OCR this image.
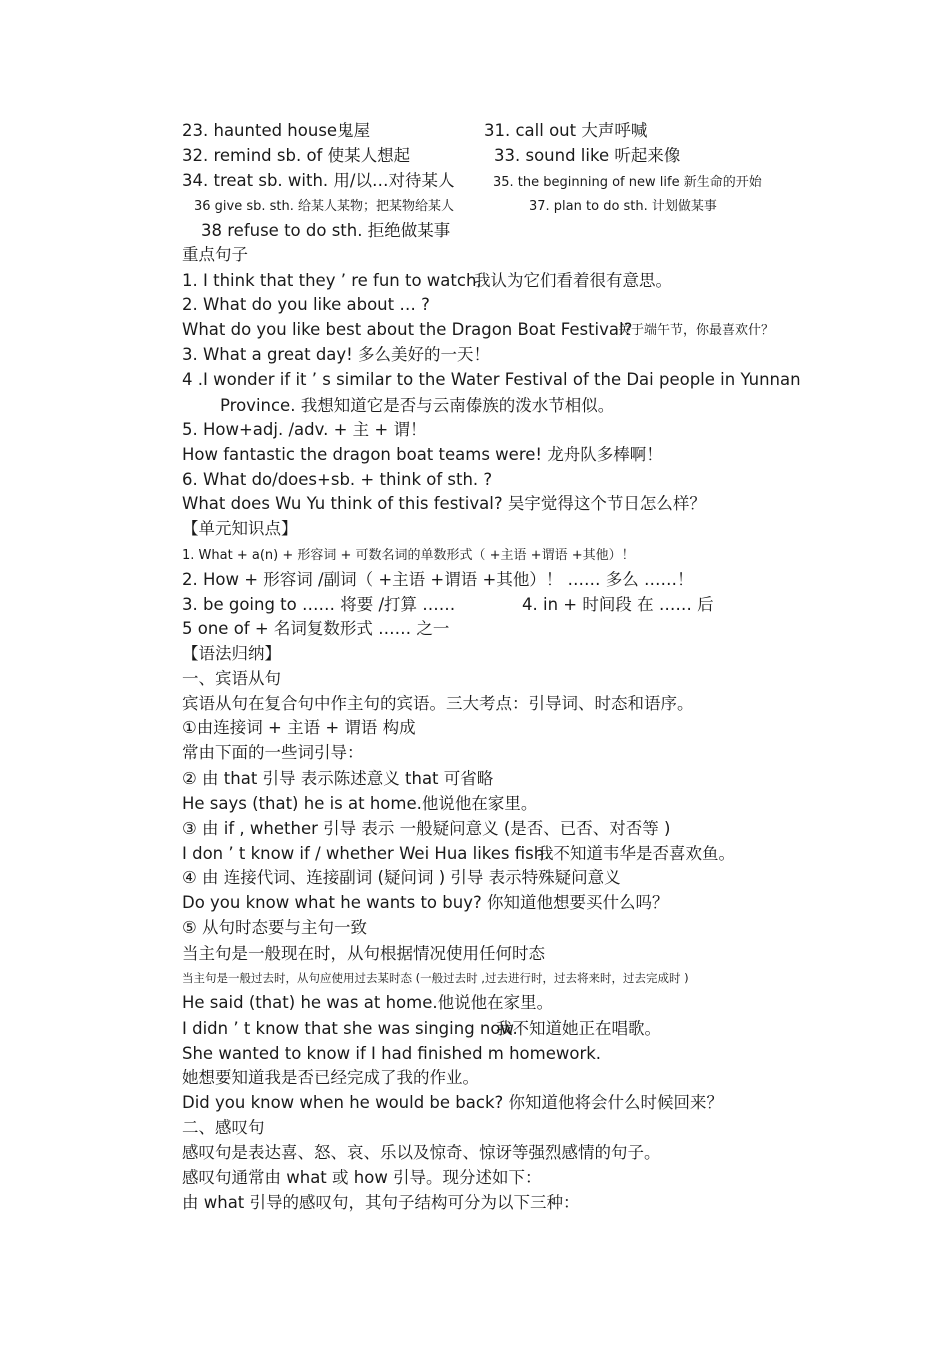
23. haunted house鬼屋	31. call out 大声呼喊
32. remind sb. of 使某人想起	33. sound like 听起来像
34. treat sb. with. 用/以…对待某人	35. the beginning of new life 新生命的开始
36 give sb. sth. 给某人某物；把某物给某人	37. plan to do sth. 计划做某事
38 refuse to do sth. 拒绝做某事
重点句子
1. I think that they ’ re fun to watch.
我认为它们看着很有意思。
2. What do you like about … ?
What do you like best about the Dragon Boat Festival?
关于端午节，你最喜欢什？
3. What a great day! 多么美好的一天！
4 .I wonder if it ’ s similar to the Water Festival of the Dai people in Yunnan
Province. 我想知道它是否与云南傣族的泼水节相似。
5. How+adj. /adv. + 主 + 谓！
How fantastic the dragon boat teams were! 龙舟队多棒啊！
6. What do/does+sb. + think of sth. ?
What does Wu Yu think of this festival? 吴宇觉得这个节日怎么样？
【单元知识点】
1. What + a(n) + 形容词 + 可数名词的单数形式（ +主语 +谓语 +其他）！
2. How + 形容词 /副词（ +主语 +谓语 +其他）！ …… 多么 ……！
3. be going to …… 将要 /打算 ……	4. in + 时间段 在 …… 后
5 one of + 名词复数形式 …… 之一
【语法归纳】
一、宾语从句
宾语从句在复合句中作主句的宾语。三大考点：引导词、时态和语序。
①由连接词 + 主语 + 谓语 构成
常由下面的一些词引导：
② 由 that 引导 表示陈述意义 that 可省略
He says (that) he is at home.他说他在家里。
③ 由 if , whether 引导 表示 一般疑问意义 (是否、已否、对否等 )
I don ’ t know if / whether Wei Hua likes fish.
我不知道韦华是否喜欢鱼。
④ 由 连接代词、连接副词 (疑问词 ) 引导 表示特殊疑问意义
Do you know what he wants to buy? 你知道他想要买什么吗？
⑤ 从句时态要与主句一致
当主句是一般现在时，从句根据情况使用任何时态
当主句是一般过去时，从句应使用过去某时态 (一般过去时 ,过去进行时，过去将来时，过去完成时 )
He said (that) he was at home.他说他在家里。
I didn ’ t know that she was singing now.
我不知道她正在唱歌。
She wanted to know if I had finished m homework.
她想要知道我是否已经完成了我的作业。
Did you know when he would be back? 你知道他将会什么时候回来？
二、感叹句
感叹句是表达喜、怒、哀、乐以及惊奇、惊讶等强烈感情的句子。
感叹句通常由 what 或 how 引导。现分述如下：
由 what 引导的感叹句，其句子结构可分为以下三种：
